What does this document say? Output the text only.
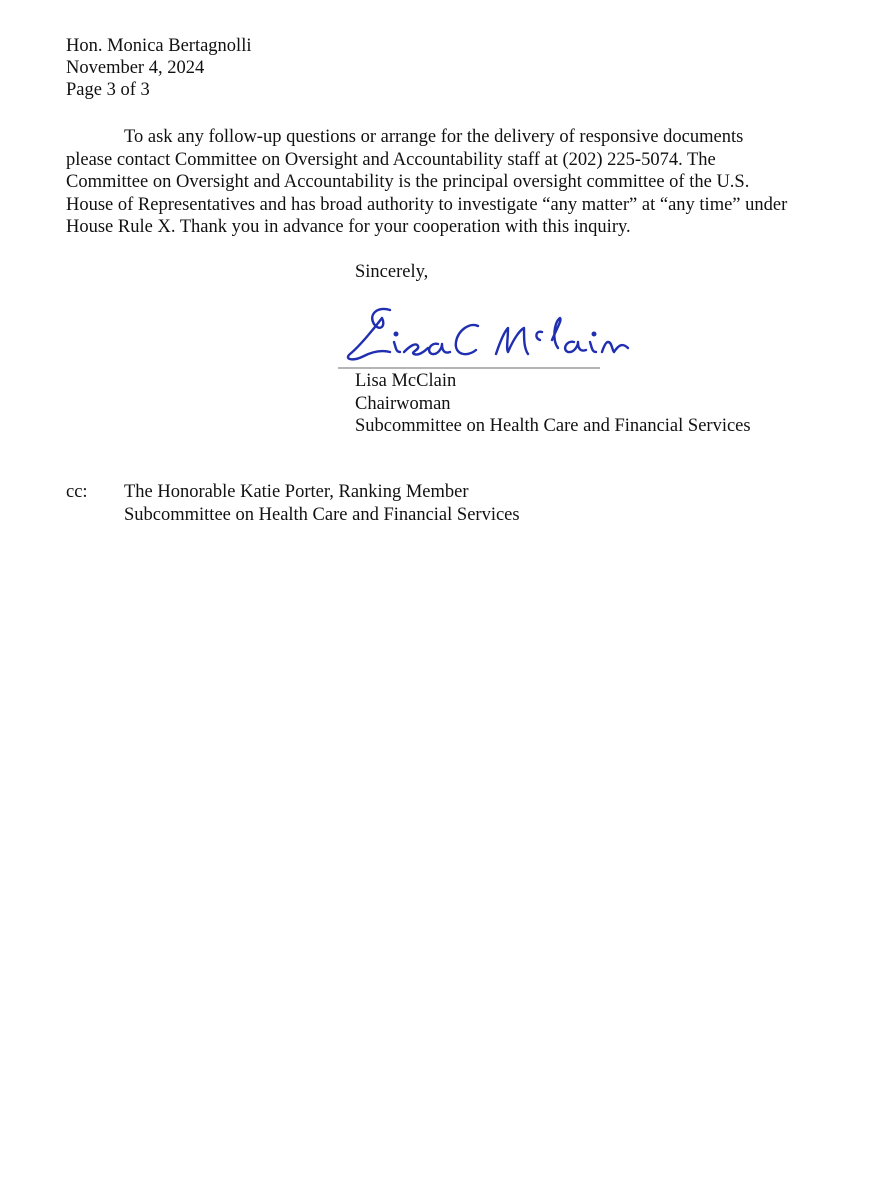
Hon. Monica Bertagnolli
November 4, 2024
Page 3 of 3
To ask any follow-up questions or arrange for the delivery of responsive documents
please contact Committee on Oversight and Accountability staff at (202) 225-5074. The
Committee on Oversight and Accountability is the principal oversight committee of the U.S.
House of Representatives and has broad authority to investigate “any matter” at “any time” under
House Rule X. Thank you in advance for your cooperation with this inquiry.
Sincerely,
Lisa McClain
Chairwoman
Subcommittee on Health Care and Financial Services
cc: The Honorable Katie Porter, Ranking Member
Subcommittee on Health Care and Financial Services
